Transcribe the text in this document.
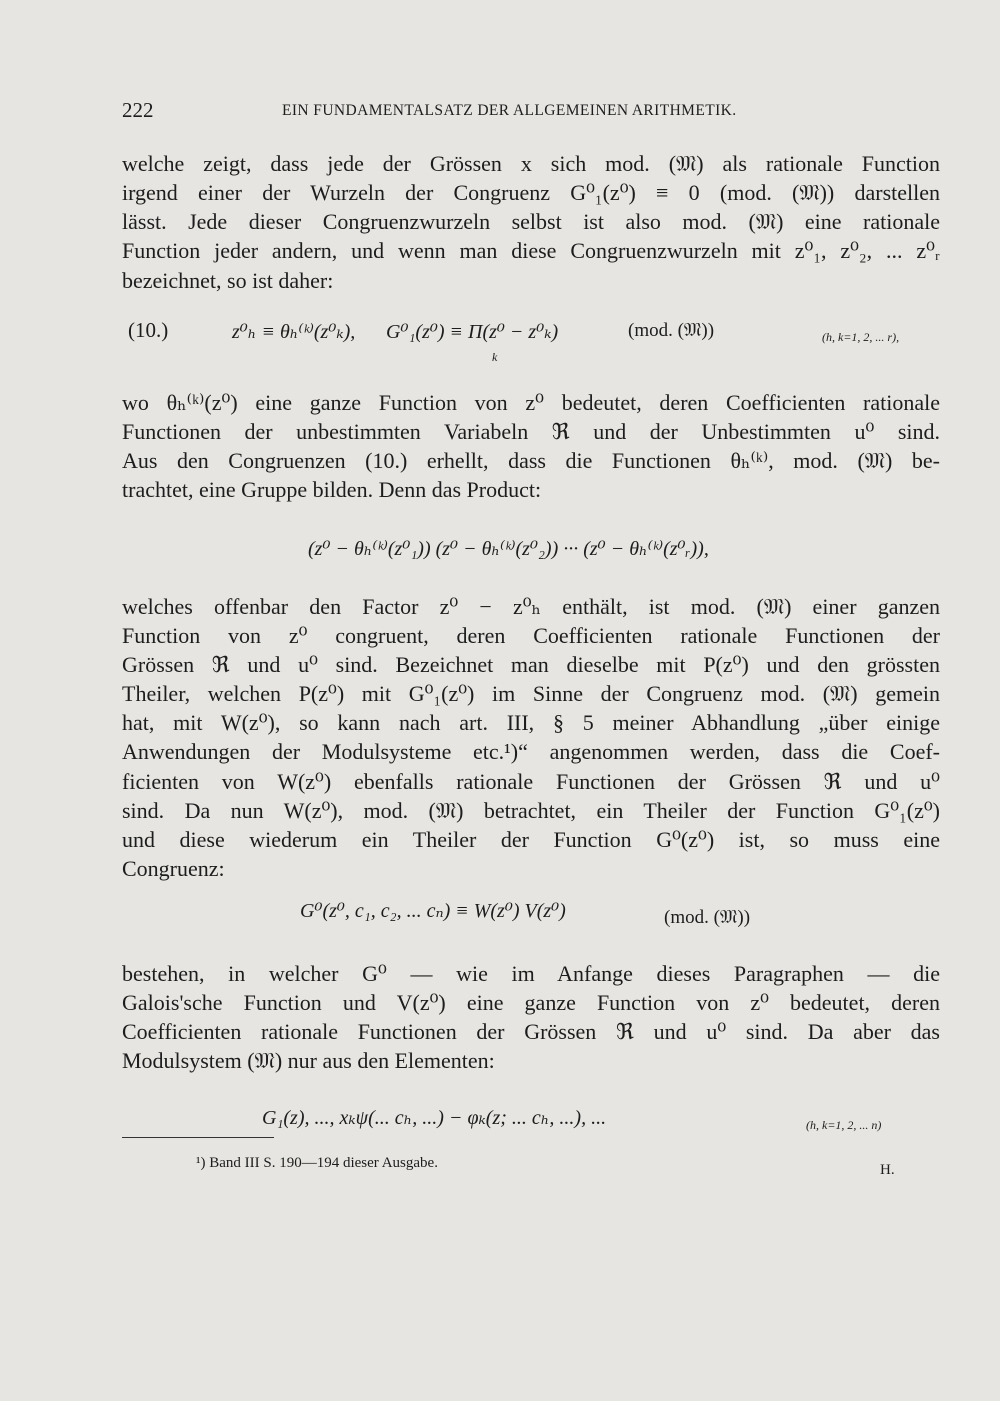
222	EIN FUNDAMENTALSATZ DER ALLGEMEINEN ARITHMETIK.
welche zeigt, dass jede der Grössen x sich mod. (𝔐) als rationale Function
irgend einer der Wurzeln der Congruenz G⁰₁(z⁰) ≡ 0 (mod. (𝔐)) darstellen
lässt. Jede dieser Congruenzwurzeln selbst ist also mod. (𝔐) eine rationale
Function jeder andern, und wenn man diese Congruenzwurzeln mit z⁰₁, z⁰₂, ... z⁰ᵣ
bezeichnet, so ist daher:
(10.)	z⁰ₕ ≡ θₕ⁽ᵏ⁾(z⁰ₖ), G⁰₁(z⁰) ≡ Π(z⁰ − z⁰ₖ)
k
(mod. (𝔐))	(h, k=1, 2, ... r),
wo θₕ⁽ᵏ⁾(z⁰) eine ganze Function von z⁰ bedeutet, deren Coefficienten rationale
Functionen der unbestimmten Variabeln ℜ und der Unbestimmten u⁰ sind.
Aus den Congruenzen (10.) erhellt, dass die Functionen θₕ⁽ᵏ⁾, mod. (𝔐) be-
trachtet, eine Gruppe bilden. Denn das Product:
(z⁰ − θₕ⁽ᵏ⁾(z⁰₁)) (z⁰ − θₕ⁽ᵏ⁾(z⁰₂)) ··· (z⁰ − θₕ⁽ᵏ⁾(z⁰ᵣ)),
welches offenbar den Factor z⁰ − z⁰ₕ enthält, ist mod. (𝔐) einer ganzen
Function von z⁰ congruent, deren Coefficienten rationale Functionen der
Grössen ℜ und u⁰ sind. Bezeichnet man dieselbe mit P(z⁰) und den grössten
Theiler, welchen P(z⁰) mit G⁰₁(z⁰) im Sinne der Congruenz mod. (𝔐) gemein
hat, mit W(z⁰), so kann nach art. III, § 5 meiner Abhandlung „über einige
Anwendungen der Modulsysteme etc.¹)“ angenommen werden, dass die Coef-
ficienten von W(z⁰) ebenfalls rationale Functionen der Grössen ℜ und u⁰
sind. Da nun W(z⁰), mod. (𝔐) betrachtet, ein Theiler der Function G⁰₁(z⁰)
und diese wiederum ein Theiler der Function G⁰(z⁰) ist, so muss eine
Congruenz:
G⁰(z⁰, c₁, c₂, ... cₙ) ≡ W(z⁰) V(z⁰)	(mod. (𝔐))
bestehen, in welcher G⁰ — wie im Anfange dieses Paragraphen — die
Galois'sche Function und V(z⁰) eine ganze Function von z⁰ bedeutet, deren
Coefficienten rationale Functionen der Grössen ℜ und u⁰ sind. Da aber das
Modulsystem (𝔐) nur aus den Elementen:
G₁(z), ..., xₖψ(... cₕ, ...) − φₖ(z; ... cₕ, ...), ...	(h, k=1, 2, ... n)
¹) Band III S. 190—194 dieser Ausgabe.	H.
